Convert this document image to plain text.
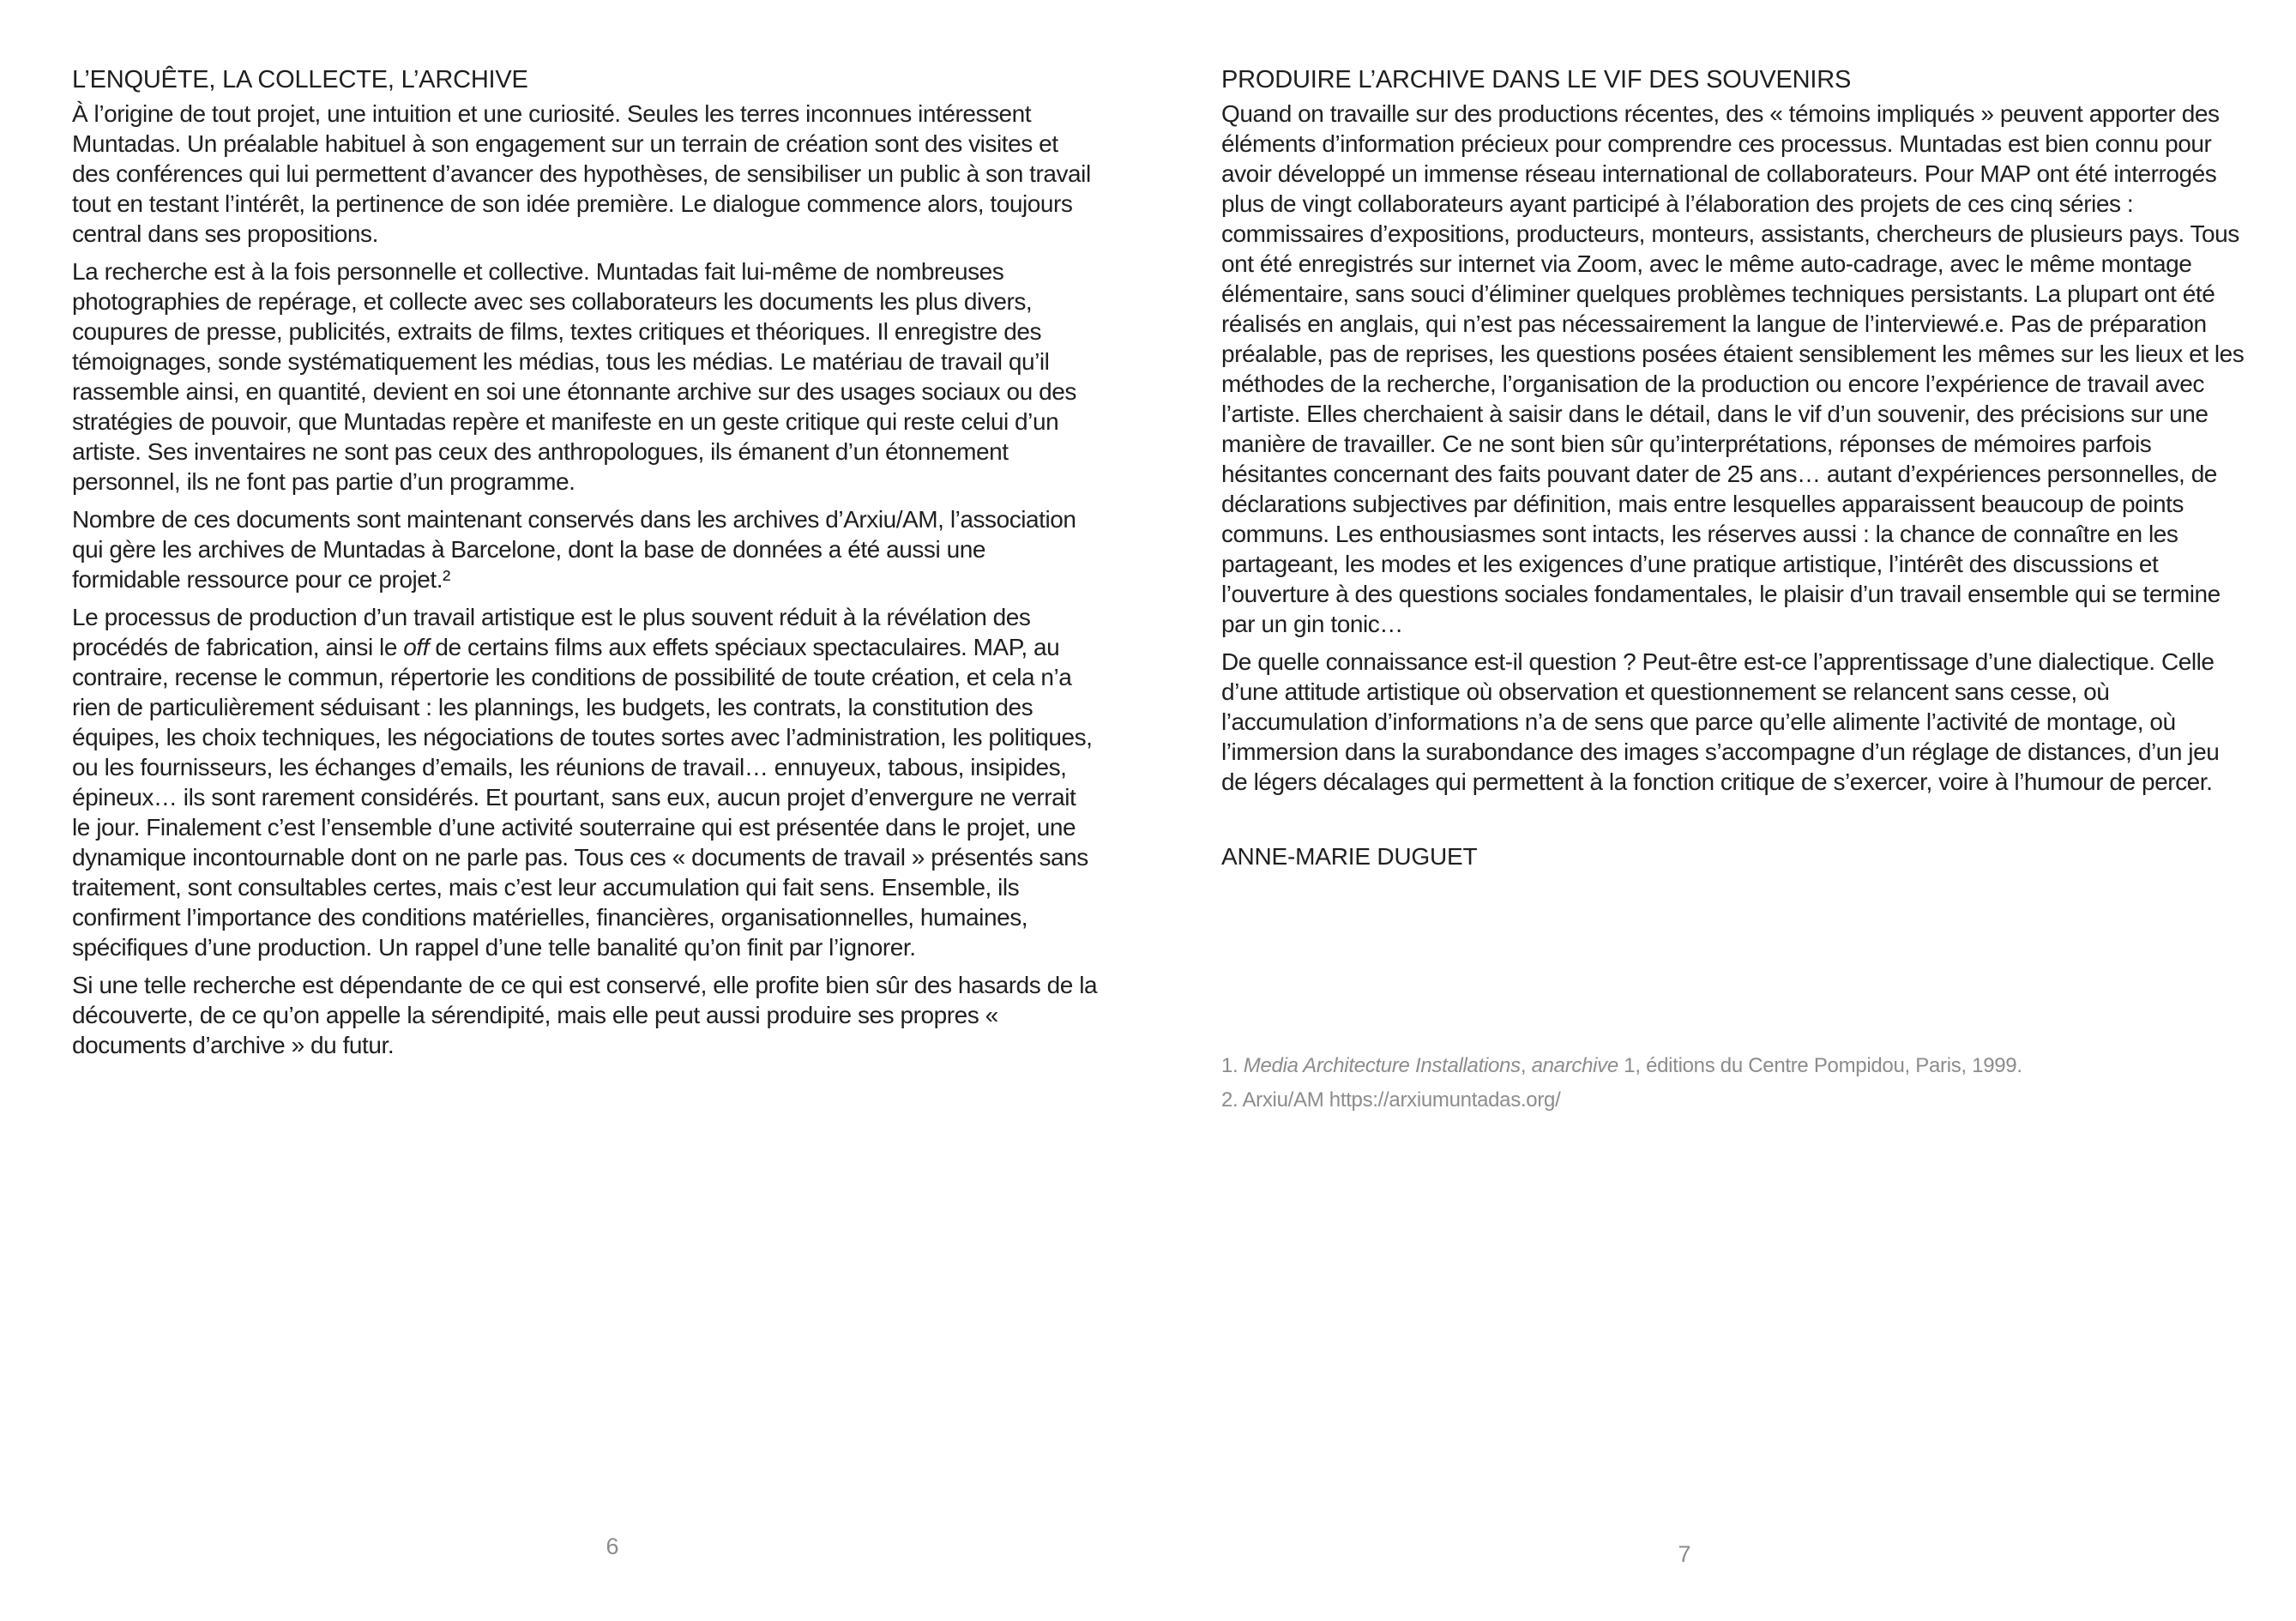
L’ENQUÊTE, LA COLLECTE, L’ARCHIVE

À l’origine de tout projet, une intuition et une curiosité. Seules les terres inconnues intéressent Muntadas. Un préalable habituel à son engagement sur un terrain de création sont des visites et des conférences qui lui permettent d’avancer des hypothèses, de sensibiliser un public à son travail tout en testant l’intérêt, la pertinence de son idée première. Le dialogue commence alors, toujours central dans ses propositions.

La recherche est à la fois personnelle et collective. Muntadas fait lui-même de nombreuses photographies de repérage, et collecte avec ses collaborateurs les documents les plus divers, coupures de presse, publicités, extraits de films, textes critiques et théoriques. Il enregistre des témoignages, sonde systématiquement les médias, tous les médias. Le matériau de travail qu’il rassemble ainsi, en quantité, devient en soi une étonnante archive sur des usages sociaux ou des stratégies de pouvoir, que Muntadas repère et manifeste en un geste critique qui reste celui d’un artiste. Ses inventaires ne sont pas ceux des anthropologues, ils émanent d’un étonnement personnel, ils ne font pas partie d’un programme.

Nombre de ces documents sont maintenant conservés dans les archives d’Arxiu/AM, l’association qui gère les archives de Muntadas à Barcelone, dont la base de données a été aussi une formidable ressource pour ce projet.²

Le processus de production d’un travail artistique est le plus souvent réduit à la révélation des procédés de fabrication, ainsi le off de certains films aux effets spéciaux spectaculaires. MAP, au contraire, recense le commun, répertorie les conditions de possibilité de toute création, et cela n’a rien de particulièrement séduisant : les plannings, les budgets, les contrats, la constitution des équipes, les choix techniques, les négociations de toutes sortes avec l’administration, les politiques, ou les fournisseurs, les échanges d’emails, les réunions de travail… ennuyeux, tabous, insipides, épineux… ils sont rarement considérés. Et pourtant, sans eux, aucun projet d’envergure ne verrait le jour. Finalement c’est l’ensemble d’une activité souterraine qui est présentée dans le projet, une dynamique incontournable dont on ne parle pas. Tous ces « documents de travail » présentés sans traitement, sont consultables certes, mais c’est leur accumulation qui fait sens. Ensemble, ils confirment l’importance des conditions matérielles, financières, organisationnelles, humaines, spécifiques d’une production. Un rappel d’une telle banalité qu’on finit par l’ignorer.

Si une telle recherche est dépendante de ce qui est conservé, elle profite bien sûr des hasards de la découverte, de ce qu’on appelle la sérendipité, mais elle peut aussi produire ses propres « documents d’archive » du futur.

PRODUIRE L’ARCHIVE DANS LE VIF DES SOUVENIRS

Quand on travaille sur des productions récentes, des « témoins impliqués » peuvent apporter des éléments d’information précieux pour comprendre ces processus. Muntadas est bien connu pour avoir développé un immense réseau international de collaborateurs. Pour MAP ont été interrogés plus de vingt collaborateurs ayant participé à l’élaboration des projets de ces cinq séries : commissaires d’expositions, producteurs, monteurs, assistants, chercheurs de plusieurs pays. Tous ont été enregistrés sur internet via Zoom, avec le même auto-cadrage, avec le même montage élémentaire, sans souci d’éliminer quelques problèmes techniques persistants. La plupart ont été réalisés en anglais, qui n’est pas nécessairement la langue de l’interviewé.e. Pas de préparation préalable, pas de reprises, les questions posées étaient sensiblement les mêmes sur les lieux et les méthodes de la recherche, l’organisation de la production ou encore l’expérience de travail avec l’artiste. Elles cherchaient à saisir dans le détail, dans le vif d’un souvenir, des précisions sur une manière de travailler. Ce ne sont bien sûr qu’interprétations, réponses de mémoires parfois hésitantes concernant des faits pouvant dater de 25 ans… autant d’expériences personnelles, de déclarations subjectives par définition, mais entre lesquelles apparaissent beaucoup de points communs. Les enthousiasmes sont intacts, les réserves aussi : la chance de connaître en les partageant, les modes et les exigences d’une pratique artistique, l’intérêt des discussions et l’ouverture à des questions sociales fondamentales, le plaisir d’un travail ensemble qui se termine par un gin tonic…

De quelle connaissance est-il question ? Peut-être est-ce l’apprentissage d’une dialectique. Celle d’une attitude artistique où observation et questionnement se relancent sans cesse, où l’accumulation d’informations n’a de sens que parce qu’elle alimente l’activité de montage, où l’immersion dans la surabondance des images s’accompagne d’un réglage de distances, d’un jeu de légers décalages qui permettent à la fonction critique de s’exercer, voire à l’humour de percer.

ANNE-MARIE DUGUET
1. Media Architecture Installations, anarchive 1, éditions du Centre Pompidou, Paris, 1999.
2. Arxiu/AM https://arxiumuntadas.org/
6	7
